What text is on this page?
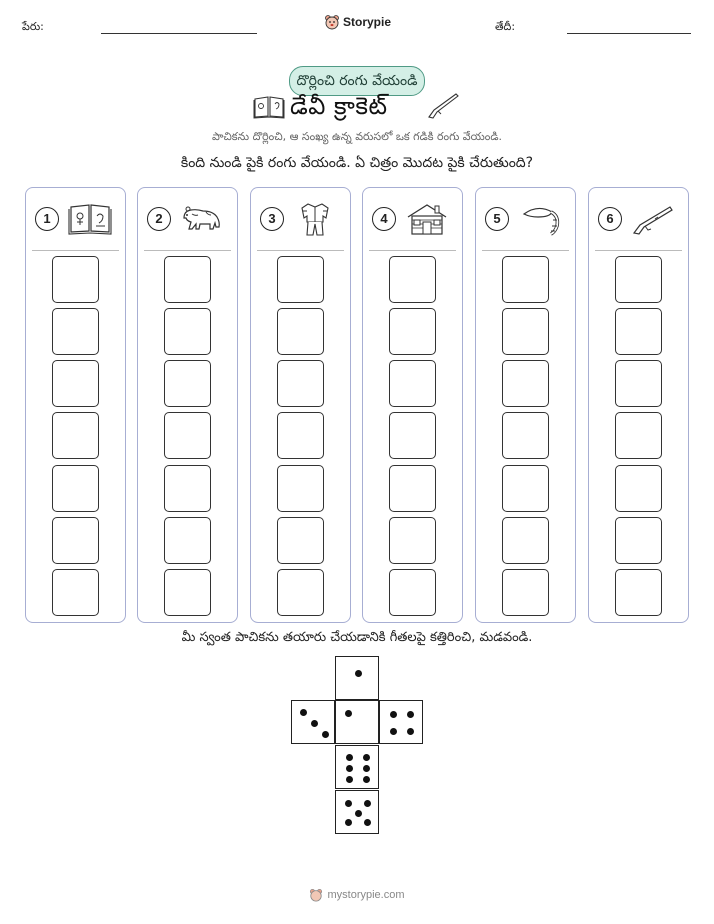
పేరు:	Storypie	తేదీ:
దొర్లించి రంగు వేయండి
డేవీ క్రాకెట్
పాచికను దొర్లించి, ఆ సంఖ్య ఉన్న వరుసలో ఒక గడికి రంగు వేయండి.
కింది నుండి పైకి రంగు వేయండి. ఏ చిత్రం మొదట పైకి చేరుతుంది?
1	2	3	4	5	6
మీ స్వంత పాచికను తయారు చేయడానికి గీతలపై కత్తిరించి, మడవండి.
mystorypie.com
